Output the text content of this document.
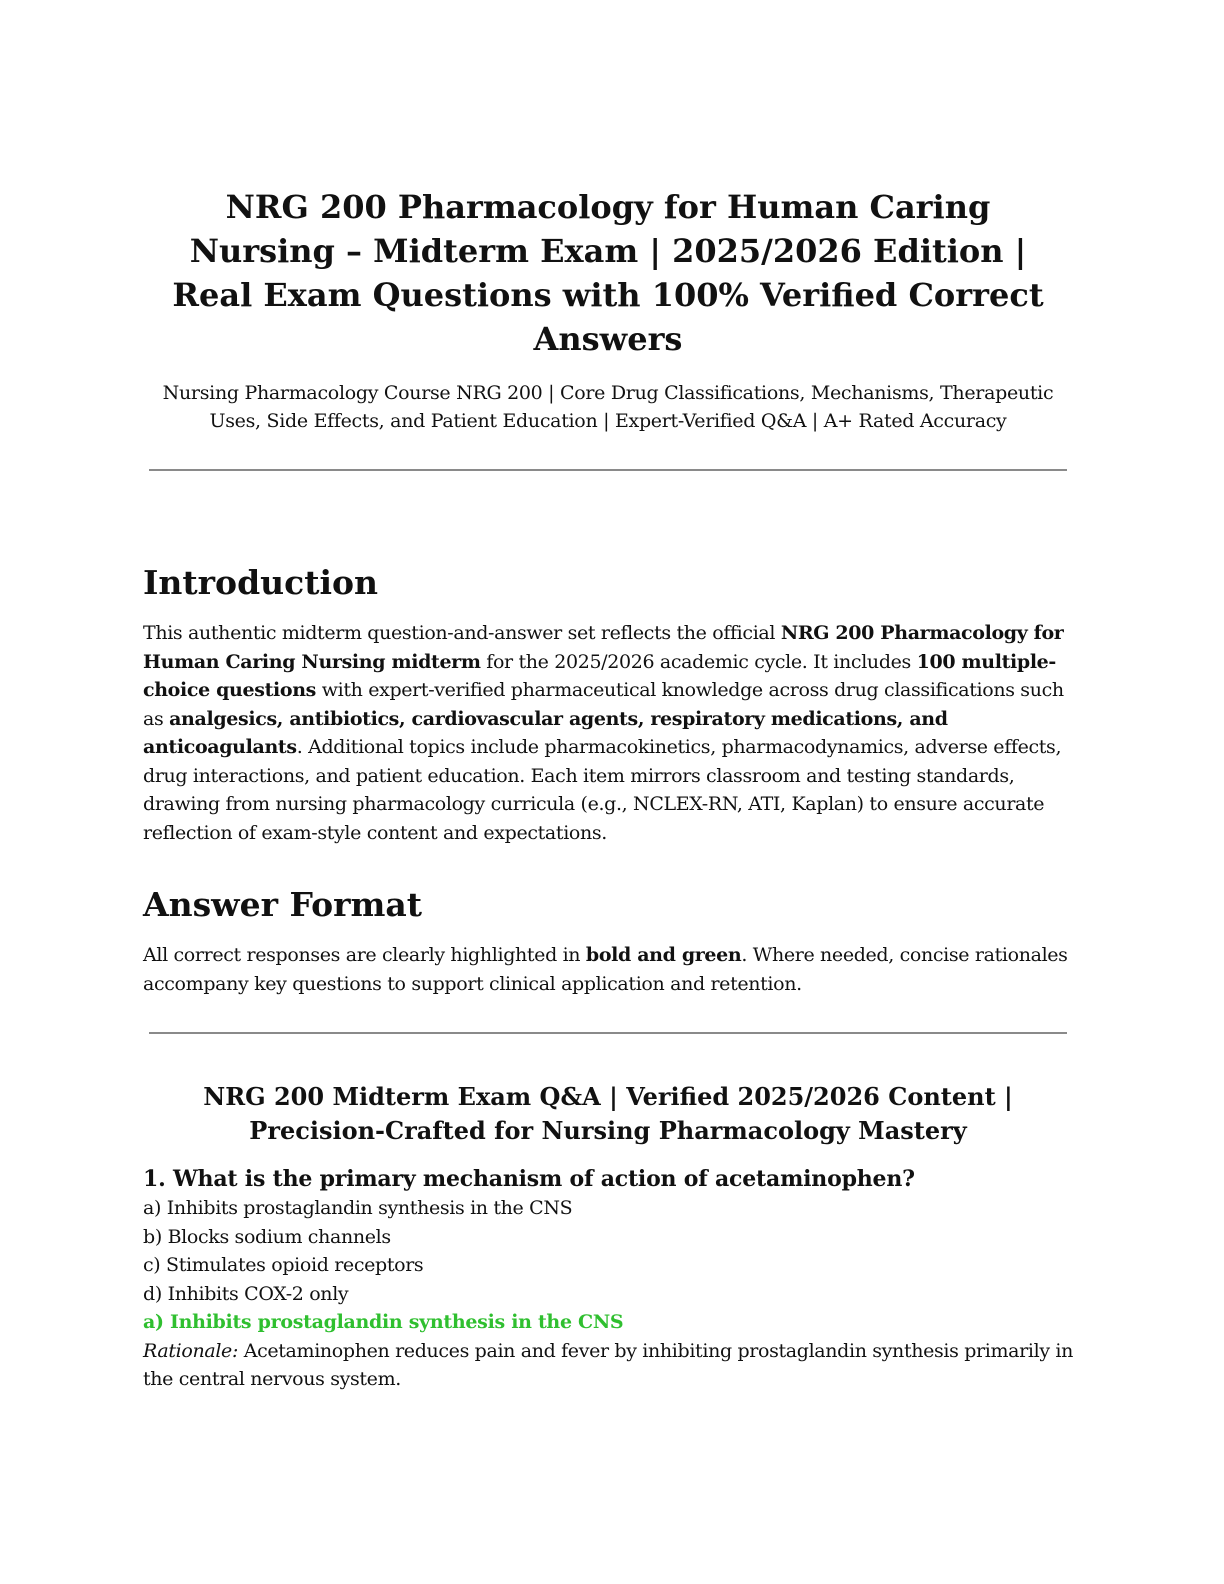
NRG 200 Pharmacology for Human Caring Nursing – Midterm Exam | 2025/2026 Edition | Real Exam Questions with 100% Verified Correct Answers

Nursing Pharmacology Course NRG 200 | Core Drug Classifications, Mechanisms, Therapeutic Uses, Side Effects, and Patient Education | Expert-Verified Q&A | A+ Rated Accuracy

Introduction

This authentic midterm question-and-answer set reflects the official NRG 200 Pharmacology for Human Caring Nursing midterm for the 2025/2026 academic cycle. It includes 100 multiple-choice questions with expert-verified pharmaceutical knowledge across drug classifications such as analgesics, antibiotics, cardiovascular agents, respiratory medications, and anticoagulants. Additional topics include pharmacokinetics, pharmacodynamics, adverse effects, drug interactions, and patient education. Each item mirrors classroom and testing standards, drawing from nursing pharmacology curricula (e.g., NCLEX-RN, ATI, Kaplan) to ensure accurate reflection of exam-style content and expectations.

Answer Format

All correct responses are clearly highlighted in bold and green. Where needed, concise rationales accompany key questions to support clinical application and retention.

NRG 200 Midterm Exam Q&A | Verified 2025/2026 Content |
Precision-Crafted for Nursing Pharmacology Mastery
1. What is the primary mechanism of action of acetaminophen?
a) Inhibits prostaglandin synthesis in the CNS
b) Blocks sodium channels
c) Stimulates opioid receptors
d) Inhibits COX-2 only
a) Inhibits prostaglandin synthesis in the CNS
Rationale: Acetaminophen reduces pain and fever by inhibiting prostaglandin synthesis primarily in the central nervous system.
